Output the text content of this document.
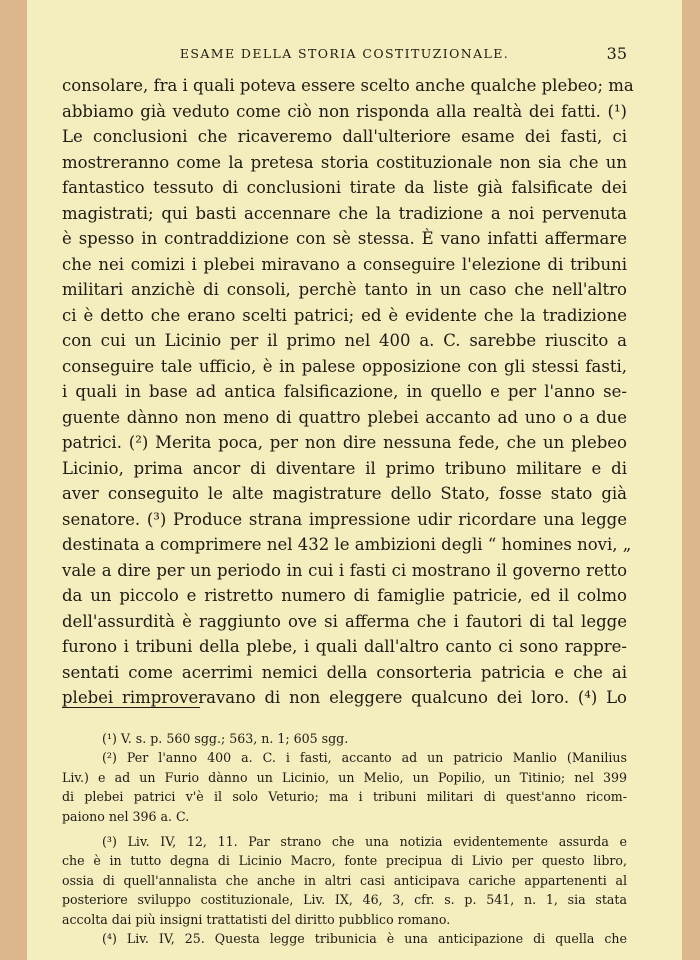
ESAME DELLA STORIA COSTITUZIONALE.	35
consolare, fra i quali poteva essere scelto anche qualche plebeo; ma
abbiamo già veduto come ciò non risponda alla realtà dei fatti. (¹)
Le conclusioni che ricaveremo dall'ulteriore esame dei fasti, ci
mostreranno come la pretesa storia costituzionale non sia che un
fantastico tessuto di conclusioni tirate da liste già falsificate dei
magistrati; qui basti accennare che la tradizione a noi pervenuta
è spesso in contraddizione con sè stessa. È vano infatti affermare
che nei comizi i plebei miravano a conseguire l'elezione di tribuni
militari anzichè di consoli, perchè tanto in un caso che nell'altro
ci è detto che erano scelti patrici; ed è evidente che la tradizione
con cui un Licinio per il primo nel 400 a. C. sarebbe riuscito a
conseguire tale ufficio, è in palese opposizione con gli stessi fasti,
i quali in base ad antica falsificazione, in quello e per l'anno se-
guente dànno non meno di quattro plebei accanto ad uno o a due
patrici. (²) Merita poca, per non dire nessuna fede, che un plebeo
Licinio, prima ancor di diventare il primo tribuno militare e di
aver conseguito le alte magistrature dello Stato, fosse stato già
senatore. (³) Produce strana impressione udir ricordare una legge
destinata a comprimere nel 432 le ambizioni degli “ homines novi, „
vale a dire per un periodo in cui i fasti ci mostrano il governo retto
da un piccolo e ristretto numero di famiglie patricie, ed il colmo
dell'assurdità è raggiunto ove si afferma che i fautori di tal legge
furono i tribuni della plebe, i quali dall'altro canto ci sono rappre-
sentati come acerrimi nemici della consorteria patricia e che ai
plebei rimproveravano di non eleggere qualcuno dei loro. (⁴) Lo
(¹) V. s. p. 560 sgg.; 563, n. 1; 605 sgg.
(²) Per l'anno 400 a. C. i fasti, accanto ad un patricio Manlio (Manilius
Liv.) e ad un Furio dànno un Licinio, un Melio, un Popilio, un Titinio; nel 399
di plebei patrici v'è il solo Veturio; ma i tribuni militari di quest'anno ricom-
paiono nel 396 a. C.
(³) Liv. IV, 12, 11. Par strano che una notizia evidentemente assurda e
che è in tutto degna di Licinio Macro, fonte precipua di Livio per questo libro,
ossia di quell'annalista che anche in altri casi anticipava cariche appartenenti al
posteriore sviluppo costituzionale, Liv. IX, 46, 3, cfr. s. p. 541, n. 1, sia stata
accolta dai più insigni trattatisti del diritto pubblico romano.
(⁴) Liv. IV, 25. Questa legge tribunicia è una anticipazione di quella che
